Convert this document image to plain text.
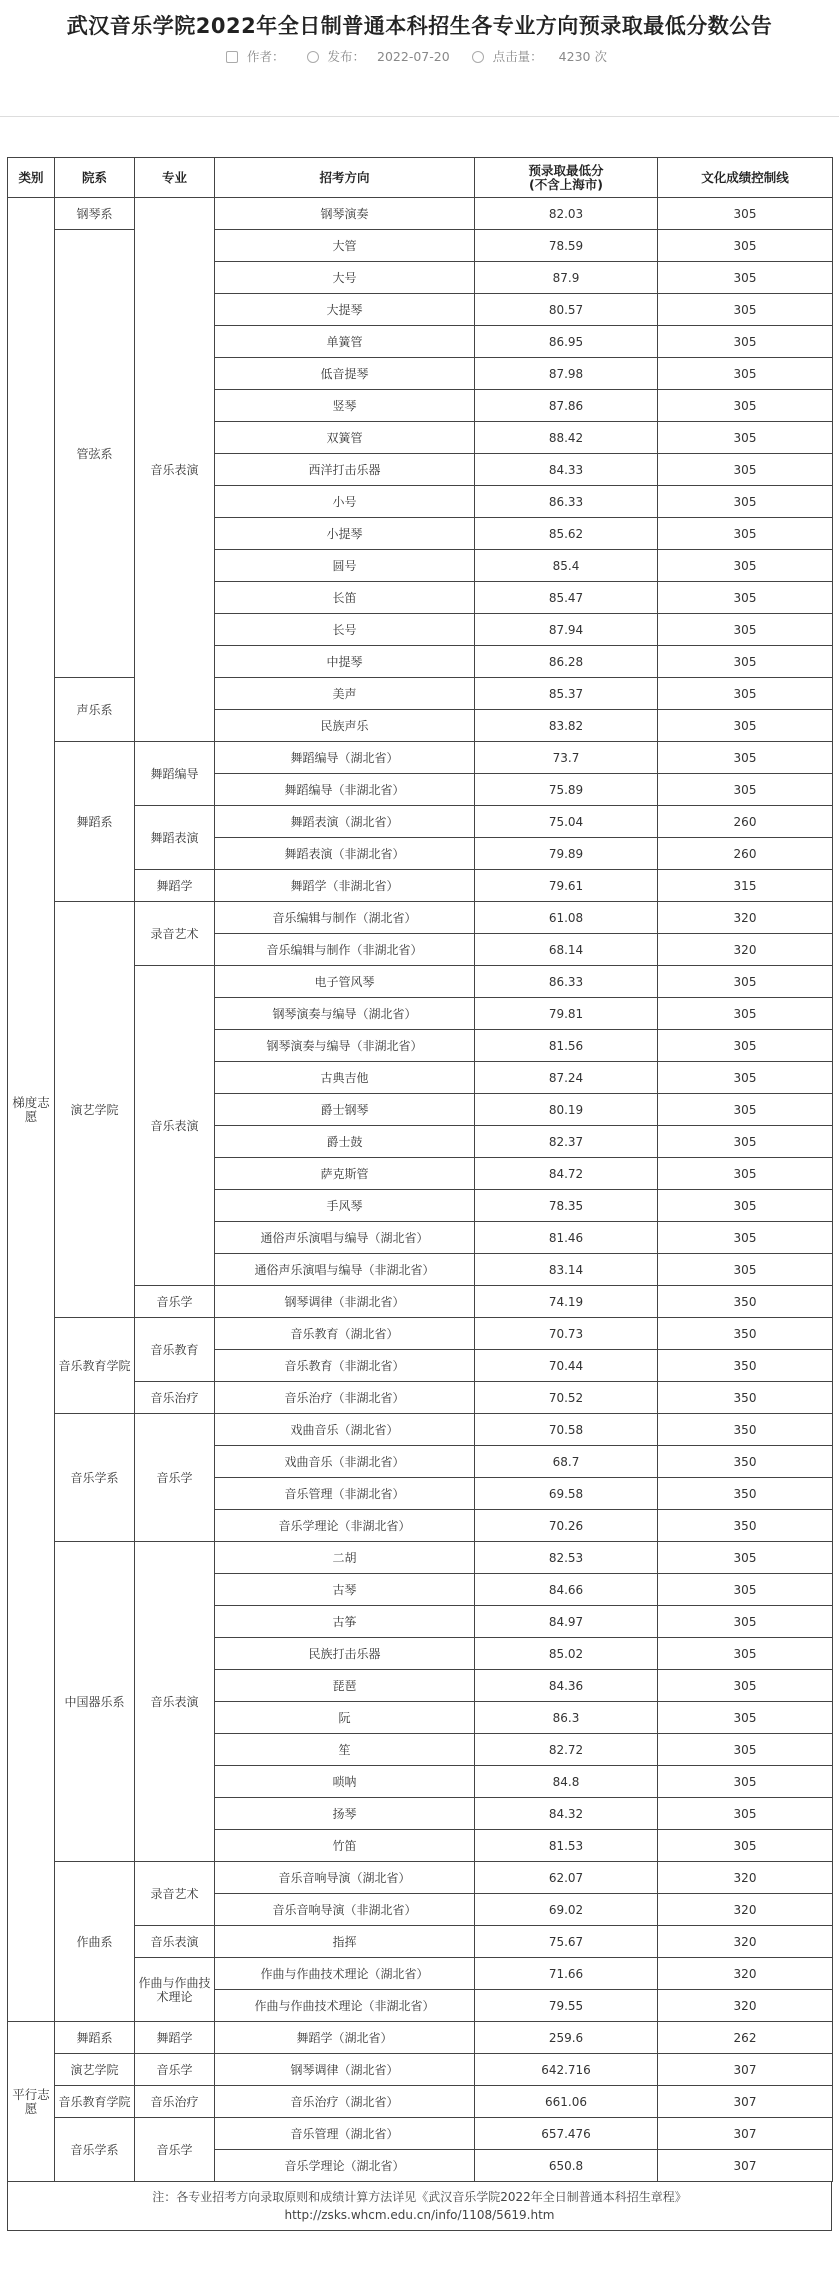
武汉音乐学院2022年全日制普通本科招生各专业方向预录取最低分数公告
作者：	发布： 2022-07-20	点击量： 4230 次
类别	院系	专业	招考方向	预录取最低分
(不含上海市)	文化成绩控制线
梯度志愿	钢琴系	音乐表演	钢琴演奏	82.03	305
	管弦系		大管	78.59	305
			大号	87.9	305
			大提琴	80.57	305
			单簧管	86.95	305
			低音提琴	87.98	305
			竖琴	87.86	305
			双簧管	88.42	305
			西洋打击乐器	84.33	305
			小号	86.33	305
			小提琴	85.62	305
			圆号	85.4	305
			长笛	85.47	305
			长号	87.94	305
			中提琴	86.28	305
	声乐系		美声	85.37	305
			民族声乐	83.82	305
	舞蹈系	舞蹈编导	舞蹈编导（湖北省）	73.7	305
			舞蹈编导（非湖北省）	75.89	305
		舞蹈表演	舞蹈表演（湖北省）	75.04	260
			舞蹈表演（非湖北省）	79.89	260
		舞蹈学	舞蹈学（非湖北省）	79.61	315
	演艺学院	录音艺术	音乐编辑与制作（湖北省）	61.08	320
			音乐编辑与制作（非湖北省）	68.14	320
		音乐表演	电子管风琴	86.33	305
			钢琴演奏与编导（湖北省）	79.81	305
			钢琴演奏与编导（非湖北省）	81.56	305
			古典吉他	87.24	305
			爵士钢琴	80.19	305
			爵士鼓	82.37	305
			萨克斯管	84.72	305
			手风琴	78.35	305
			通俗声乐演唱与编导（湖北省）	81.46	305
			通俗声乐演唱与编导（非湖北省）	83.14	305
		音乐学	钢琴调律（非湖北省）	74.19	350
	音乐教育学院	音乐教育	音乐教育（湖北省）	70.73	350
			音乐教育（非湖北省）	70.44	350
		音乐治疗	音乐治疗（非湖北省）	70.52	350
	音乐学系	音乐学	戏曲音乐（湖北省）	70.58	350
			戏曲音乐（非湖北省）	68.7	350
			音乐管理（非湖北省）	69.58	350
			音乐学理论（非湖北省）	70.26	350
	中国器乐系	音乐表演	二胡	82.53	305
			古琴	84.66	305
			古筝	84.97	305
			民族打击乐器	85.02	305
			琵琶	84.36	305
			阮	86.3	305
			笙	82.72	305
			唢呐	84.8	305
			扬琴	84.32	305
			竹笛	81.53	305
	作曲系	录音艺术	音乐音响导演（湖北省）	62.07	320
			音乐音响导演（非湖北省）	69.02	320
		音乐表演	指挥	75.67	320
		作曲与作曲技术理论	作曲与作曲技术理论（湖北省）	71.66	320
			作曲与作曲技术理论（非湖北省）	79.55	320
平行志愿	舞蹈系	舞蹈学	舞蹈学（湖北省）	259.6	262
	演艺学院	音乐学	钢琴调律（湖北省）	642.716	307
	音乐教育学院	音乐治疗	音乐治疗（湖北省）	661.06	307
	音乐学系	音乐学	音乐管理（湖北省）	657.476	307
			音乐学理论（湖北省）	650.8	307
注：各专业招考方向录取原则和成绩计算方法详见《武汉音乐学院2022年全日制普通本科招生章程》
http://zsks.whcm.edu.cn/info/1108/5619.htm
